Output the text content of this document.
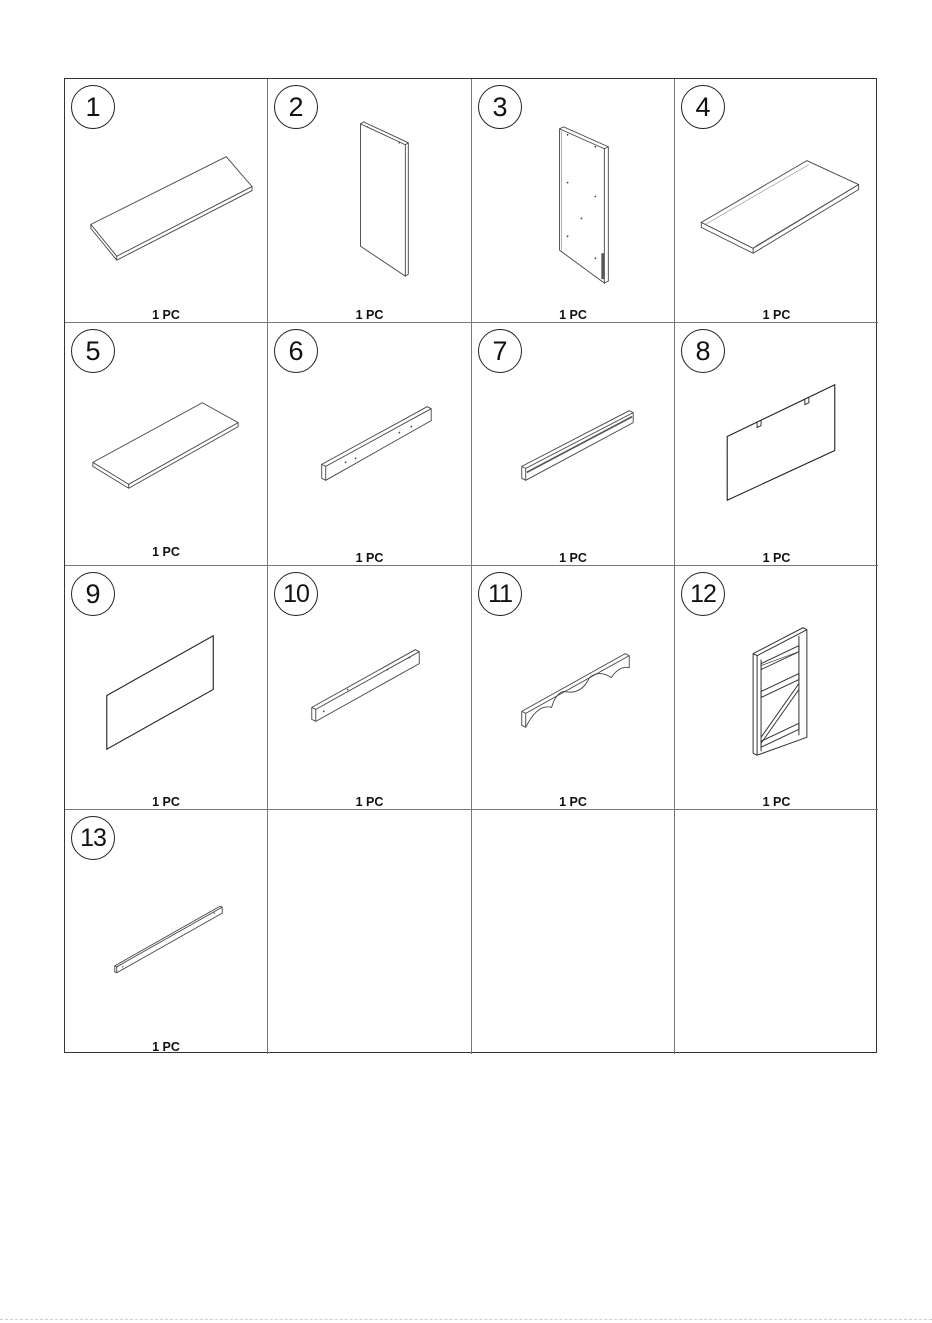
1
1 PC
2
1 PC
3
1 PC
4
1 PC
5
1 PC
6
1 PC
7
1 PC
8
1 PC
9
1 PC
10
1 PC
11
1 PC
12
1 PC
13
1 PC
